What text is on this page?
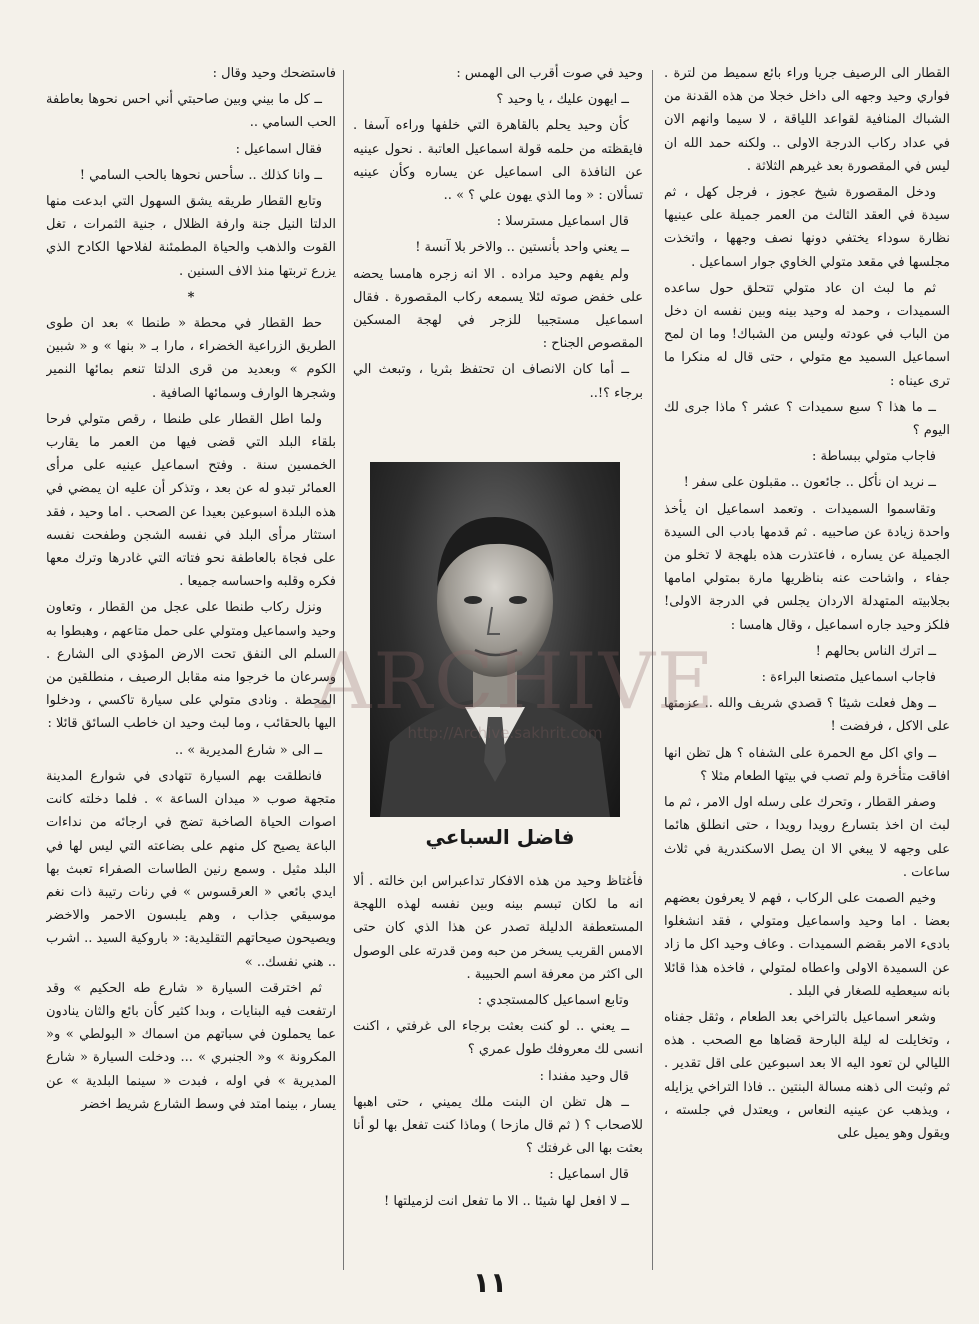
القطار الى الرصيف جريا وراء بائع سميط من لترة . فواري وحيد وجهه الى داخل خجلا من هذه القدنة من الشباك المنافية لقواعد اللياقة ، لا سيما وانهم الان في عداد ركاب الدرجة الاولى .. ولكنه حمد الله ان ليس في المقصورة بعد غيرهم الثلاثة .

ودخل المقصورة شيخ عجوز ، فرجل كهل ، ثم سيدة في العقد الثالث من العمر جميلة على عينيها نظارة سوداء يختفي دونها نصف وجهها ، واتخذت مجلسها في مقعد متولي الخاوي جوار اسماعيل .

ثم ما لبث ان عاد متولي تتحلق حول ساعده السميدات ، وحمد له وحيد بينه وبين نفسه ان دخل من الباب في عودته وليس من الشباك! وما ان لمح اسماعيل السميد مع متولي ، حتى قال له منكرا ما ترى عيناه :

ــ ما هذا ؟ سبع سميدات ؟ عشر ؟ ماذا جرى لك اليوم ؟

فاجاب متولي ببساطة :

ــ نريد ان نأكل .. جائعون .. مقبلون على سفر !

وتقاسموا السميدات . وتعمد اسماعيل ان يأخذ واحدة زيادة عن صاحبيه . ثم قدمها بادب الى السيدة الجميلة عن يساره ، فاعتذرت هذه بلهجة لا تخلو من جفاء ، واشاحت عنه بناظريها مارة بمتولي امامها بجلابيته المتهدلة الاردان يجلس في الدرجة الاولى! فلكز وحيد جاره اسماعيل ، وقال هامسا :

ــ اترك الناس بحالهم !

فاجاب اسماعيل متصنعا البراءة :

ــ وهل فعلت شيئا ؟ قصدي شريف والله .. عزمتها على الاكل ، فرفضت !

ــ واي اكل مع الحمرة على الشفاه ؟ هل تظن انها افاقت متأخرة ولم تصب في بيتها الطعام مثلا ؟

وصفر القطار ، وتحرك على رسله اول الامر ، ثم ما لبث ان اخذ بتسارع رويدا رويدا ، حتى انطلق هائما على وجهه لا يبغي الا ان يصل الاسكندرية في ثلاث ساعات .

وخيم الصمت على الركاب ، فهم لا يعرفون بعضهم بعضا . اما وحيد واسماعيل ومتولي ، فقد انشغلوا بادىء الامر بقضم السميدات . وعاف وحيد اكل ما زاد عن السميدة الاولى واعطاه لمتولي ، فاخذه هذا قائلا بانه سيعطيه للصغار في البلد .

وشعر اسماعيل بالتراخي بعد الطعام ، وثقل جفناه ، وتخايلت له ليلة البارحة قضاها مع الصحب . هذه الليالي لن تعود اليه الا بعد اسبوعين على اقل تقدير . ثم وثبت الى ذهنه مسالة البنتين .. فاذا التراخي يزايله ، ويذهب عن عينيه النعاس ، ويعتدل في جلسته ، ويقول وهو يميل على

وحيد في صوت أقرب الى الهمس :

ــ ايهون عليك ، يا وحيد ؟

كأن وحيد يحلم بالقاهرة التي خلفها وراءه آسفا . فايقظته من حلمه قولة اسماعيل العاتبة . نحول عينيه عن النافذة الى اسماعيل عن يساره وكأن عينيه تسألان : « وما الذي يهون علي ؟ » ..

قال اسماعيل مسترسلا :

ــ يعني واحد بأنستين .. والاخر بلا آنسة !

ولم يفهم وحيد مراده . الا انه زجره هامسا يحضه على خفض صوته لئلا يسمعه ركاب المقصورة . فقال اسماعيل مستجيبا للزجر في لهجة المسكين المقصوص الجناح :

ــ أما كان الانصاف ان تحتفظ بثريا ، وتبعث الي برجاء ؟!..

فاضل السباعي

فأغتاظ وحيد من هذه الافكار تداعبراس ابن خالته . ألا انه ما لكان تبسم بينه وبين نفسه لهذه اللهجة المستعطفة الدليلة تصدر عن هذا الذي كان حتى الامس القريب يسخر من حبه ومن قدرته على الوصول الى اكثر من معرفة اسم الحبيبة .

وتابع اسماعيل كالمستجدي :

ــ يعني .. لو كنت بعثت برجاء الى غرفتي ، اكنت انسى لك معروفك طول عمري ؟

قال وحيد مفندا :

ــ هل تظن ان البنت ملك يميني ، حتى اهبها للاصحاب ؟ ( ثم قال مازحا ) وماذا كنت تفعل بها لو أنا بعثت بها الى غرفتك ؟

قال اسماعيل :

ــ لا افعل لها شيئا .. الا ما تفعل انت لزميلتها !

فاستضحك وحيد وقال :

ــ كل ما بيني وبين صاحبتي أني احس نحوها بعاطفة الحب السامي ..

فقال اسماعيل :

ــ وانا كذلك .. سأحس نحوها بالحب السامي !

وتابع القطار طريقه يشق السهول التي ابدعت منها الدلتا النيل جنة وارفة الظلال ، جنية الثمرات ، تغل القوت والذهب والحياة المطمئنة لفلاحها الكادح الذي يزرع تربتها منذ الاف السنين .

*

حط القطار في محطة « طنطا » بعد ان طوى الطريق الزراعية الخضراء ، مارا بـ « بنها » و « شبين الكوم » وبعديد من قرى الدلتا تنعم بمائها النمير وشجرها الوارف وسمائها الصافية .

ولما اطل القطار على طنطا ، رقص متولي فرحا بلقاء البلد التي قضى فيها من العمر ما يقارب الخمسين سنة . وفتح اسماعيل عينيه على مرأى العمائر تبدو له عن بعد ، وتذكر أن عليه ان يمضي في هذه البلدة اسبوعين بعيدا عن الصحب . اما وحيد ، فقد استثار مرأى البلد في نفسه الشجن وطفحت نفسه على فجاة بالعاطفة نحو فتاته التي غادرها وترك معها فكره وقلبه واحساسه جميعا .

ونزل ركاب طنطا على عجل من القطار ، وتعاون وحيد واسماعيل ومتولي على حمل متاعهم ، وهبطوا به السلم الى النفق تحت الارض المؤدي الى الشارع . وسرعان ما خرجوا منه مقابل الرصيف ، منطلقين من المحطة . ونادى متولي على سيارة تاكسي ، ودخلوا اليها بالحقائب ، وما لبث وحيد ان خاطب السائق قائلا :

ــ الى « شارع المديرية » ..

فانطلقت بهم السيارة تتهادى في شوارع المدينة متجهة صوب « ميدان الساعة » . فلما دخلته كانت اصوات الحياة الصاخبة تضج في ارجائه من نداءات الباعة يصيح كل منهم على بضاعته التي ليس لها في البلد مثيل . وسمع رنين الطاسات الصفراء تعبث بها ايدي بائعي « العرقسوس » في رنات رتيبة ذات نغم موسيقي جذاب ، وهم يلبسون الاحمر والاخضر ويصيحون صيحاتهم التقليدية: « باروكية السيد .. اشرب .. هني نفسك.. »

ثم اخترقت السيارة « شارع طه الحكيم » وقد ارتفعت فيه البنايات ، وبدا كثير كأن بائع والثان ينادون عما يحملون في سباتهم من اسماك « البولطي » و« المكرونة » و« الجنبري » ... ودخلت السيارة « شارع المديرية » في اوله ، فبدت « سينما البلدية » عن يسار ، بينما امتد في وسط الشارع شريط اخضر

ARCHIVE
http://Archive.sakhrit.com
١١
